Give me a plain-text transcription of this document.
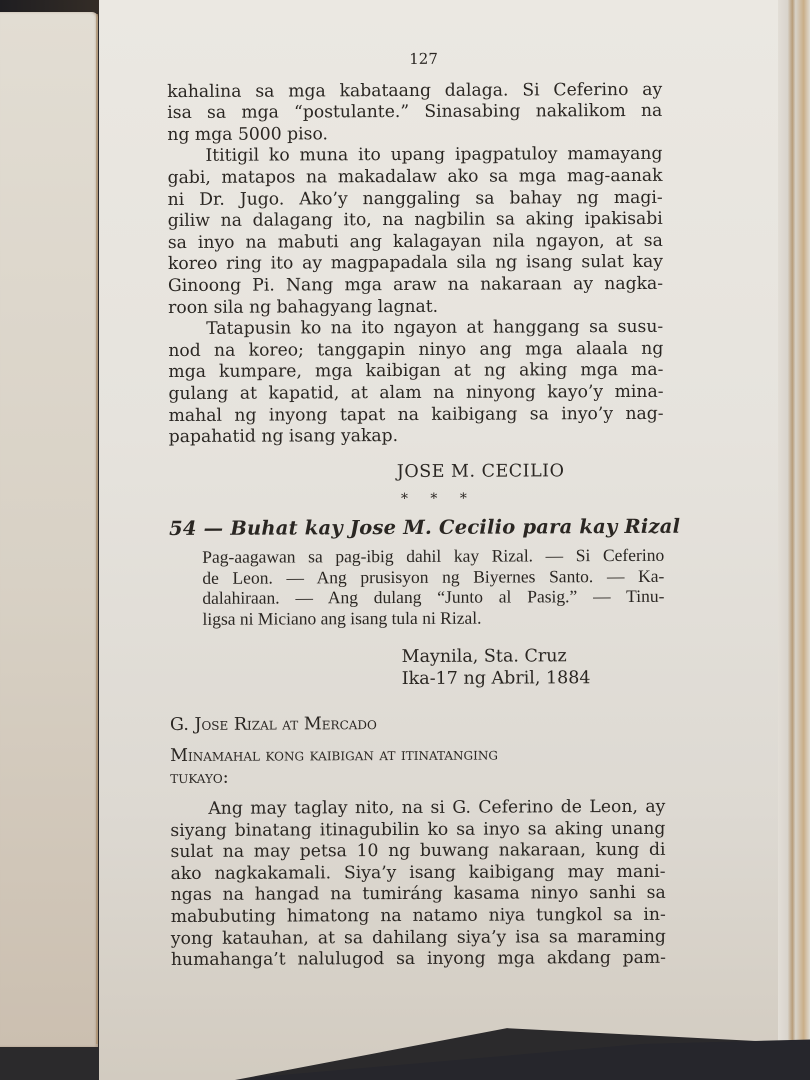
127
kahalina sa mga kabataang dalaga. Si Ceferino ay
isa sa mga “postulante.” Sinasabing nakalikom na
ng mga 5000 piso.
Ititigil ko muna ito upang ipagpatuloy mamayang
gabi, matapos na makadalaw ako sa mga mag-aanak
ni Dr. Jugo. Ako’y nanggaling sa bahay ng magi-
giliw na dalagang ito, na nagbilin sa aking ipakisabi
sa inyo na mabuti ang kalagayan nila ngayon, at sa
koreo ring ito ay magpapadala sila ng isang sulat kay
Ginoong Pi. Nang mga araw na nakaraan ay nagka-
roon sila ng bahagyang lagnat.
Tatapusin ko na ito ngayon at hanggang sa susu-
nod na koreo; tanggapin ninyo ang mga alaala ng
mga kumpare, mga kaibigan at ng aking mga ma-
gulang at kapatid, at alam na ninyong kayo’y mina-
mahal ng inyong tapat na kaibigang sa inyo’y nag-
papahatid ng isang yakap.
JOSE M. CECILIO
* * *
54 — Buhat kay Jose M. Cecilio para kay Rizal
Pag-aagawan sa pag-ibig dahil kay Rizal. — Si Ceferino
de Leon. — Ang prusisyon ng Biyernes Santo. — Ka-
dalahiraan. — Ang dulang “Junto al Pasig.” — Tinu-
ligsa ni Miciano ang isang tula ni Rizal.
Maynila, Sta. Cruz
Ika-17 ng Abril, 1884
G. Jose Rizal at Mercado
Minamahal kong kaibigan at itinatanging
tukayo:
Ang may taglay nito, na si G. Ceferino de Leon, ay
siyang binatang itinagubilin ko sa inyo sa aking unang
sulat na may petsa 10 ng buwang nakaraan, kung di
ako nagkakamali. Siya’y isang kaibigang may mani-
ngas na hangad na tumiráng kasama ninyo sanhi sa
mabubuting himatong na natamo niya tungkol sa in-
yong katauhan, at sa dahilang siya’y isa sa maraming
humahanga’t nalulugod sa inyong mga akdang pam-
